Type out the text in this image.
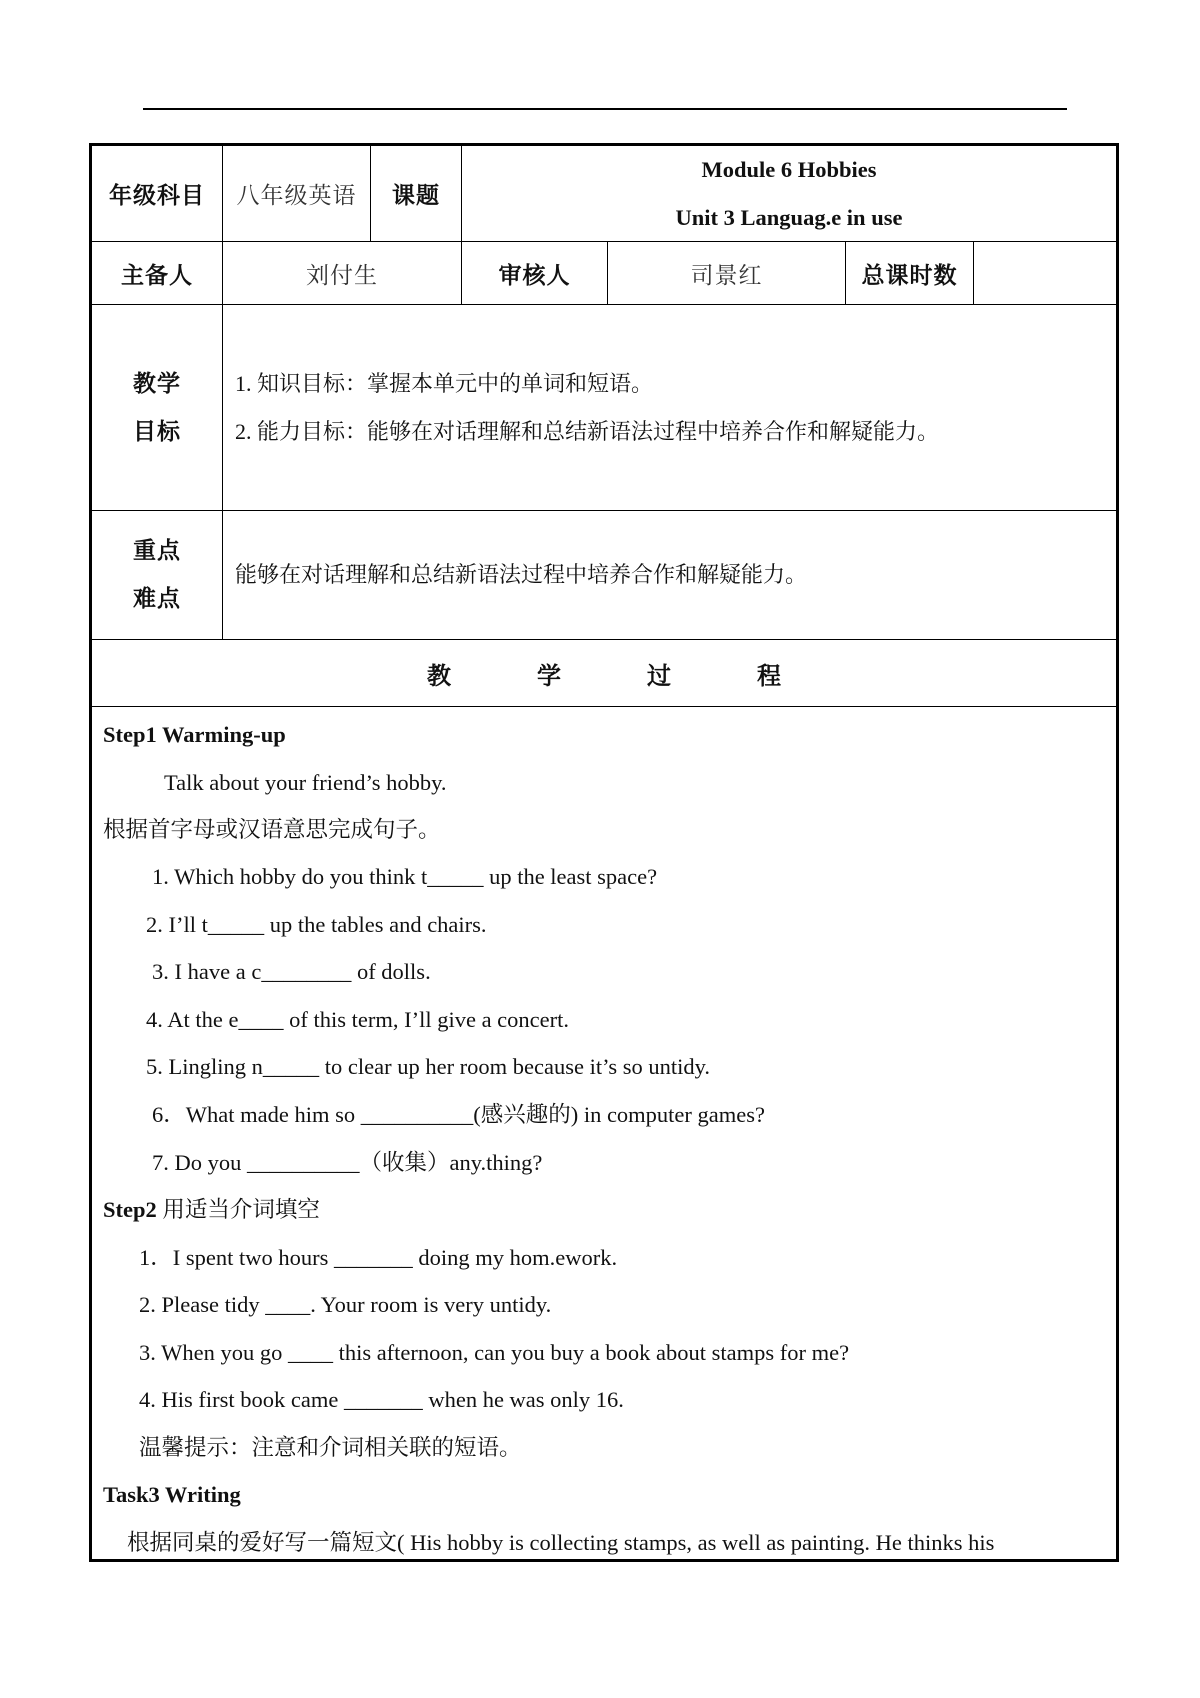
年级科目 八年级英语 课题
Module 6 Hobbies
Unit 3 Languag.e in use
主备人	刘付生	审核人	司景红	总课时数
教学
目标
1. 知识目标：掌握本单元中的单词和短语。
2. 能力目标：能够在对话理解和总结新语法过程中培养合作和解疑能力。
重点
难点
能够在对话理解和总结新语法过程中培养合作和解疑能力。
教	学	过	程
Step1 Warming-up
Talk about your friend’s hobby.
根据首字母或汉语意思完成句子。
1. Which hobby do you think t_____ up the least space?
2. I’ll t_____ up the tables and chairs.
3. I have a c________ of dolls.
4. At the e____ of this term, I’ll give a concert.
5. Lingling n_____ to clear up her room because it’s so untidy.
6．What made him so __________(感兴趣的) in computer games?
7. Do you __________（收集）any.thing?
Step2 用适当介词填空
1．I spent two hours _______ doing my hom.ework.
2. Please tidy ____. Your room is very untidy.
3. When you go ____ this afternoon, can you buy a book about stamps for me?
4. His first book came _______ when he was only 16.
温馨提示：注意和介词相关联的短语。
Task3 Writing
根据同桌的爱好写一篇短文( His hobby is collecting stamps, as well as painting. He thinks his
